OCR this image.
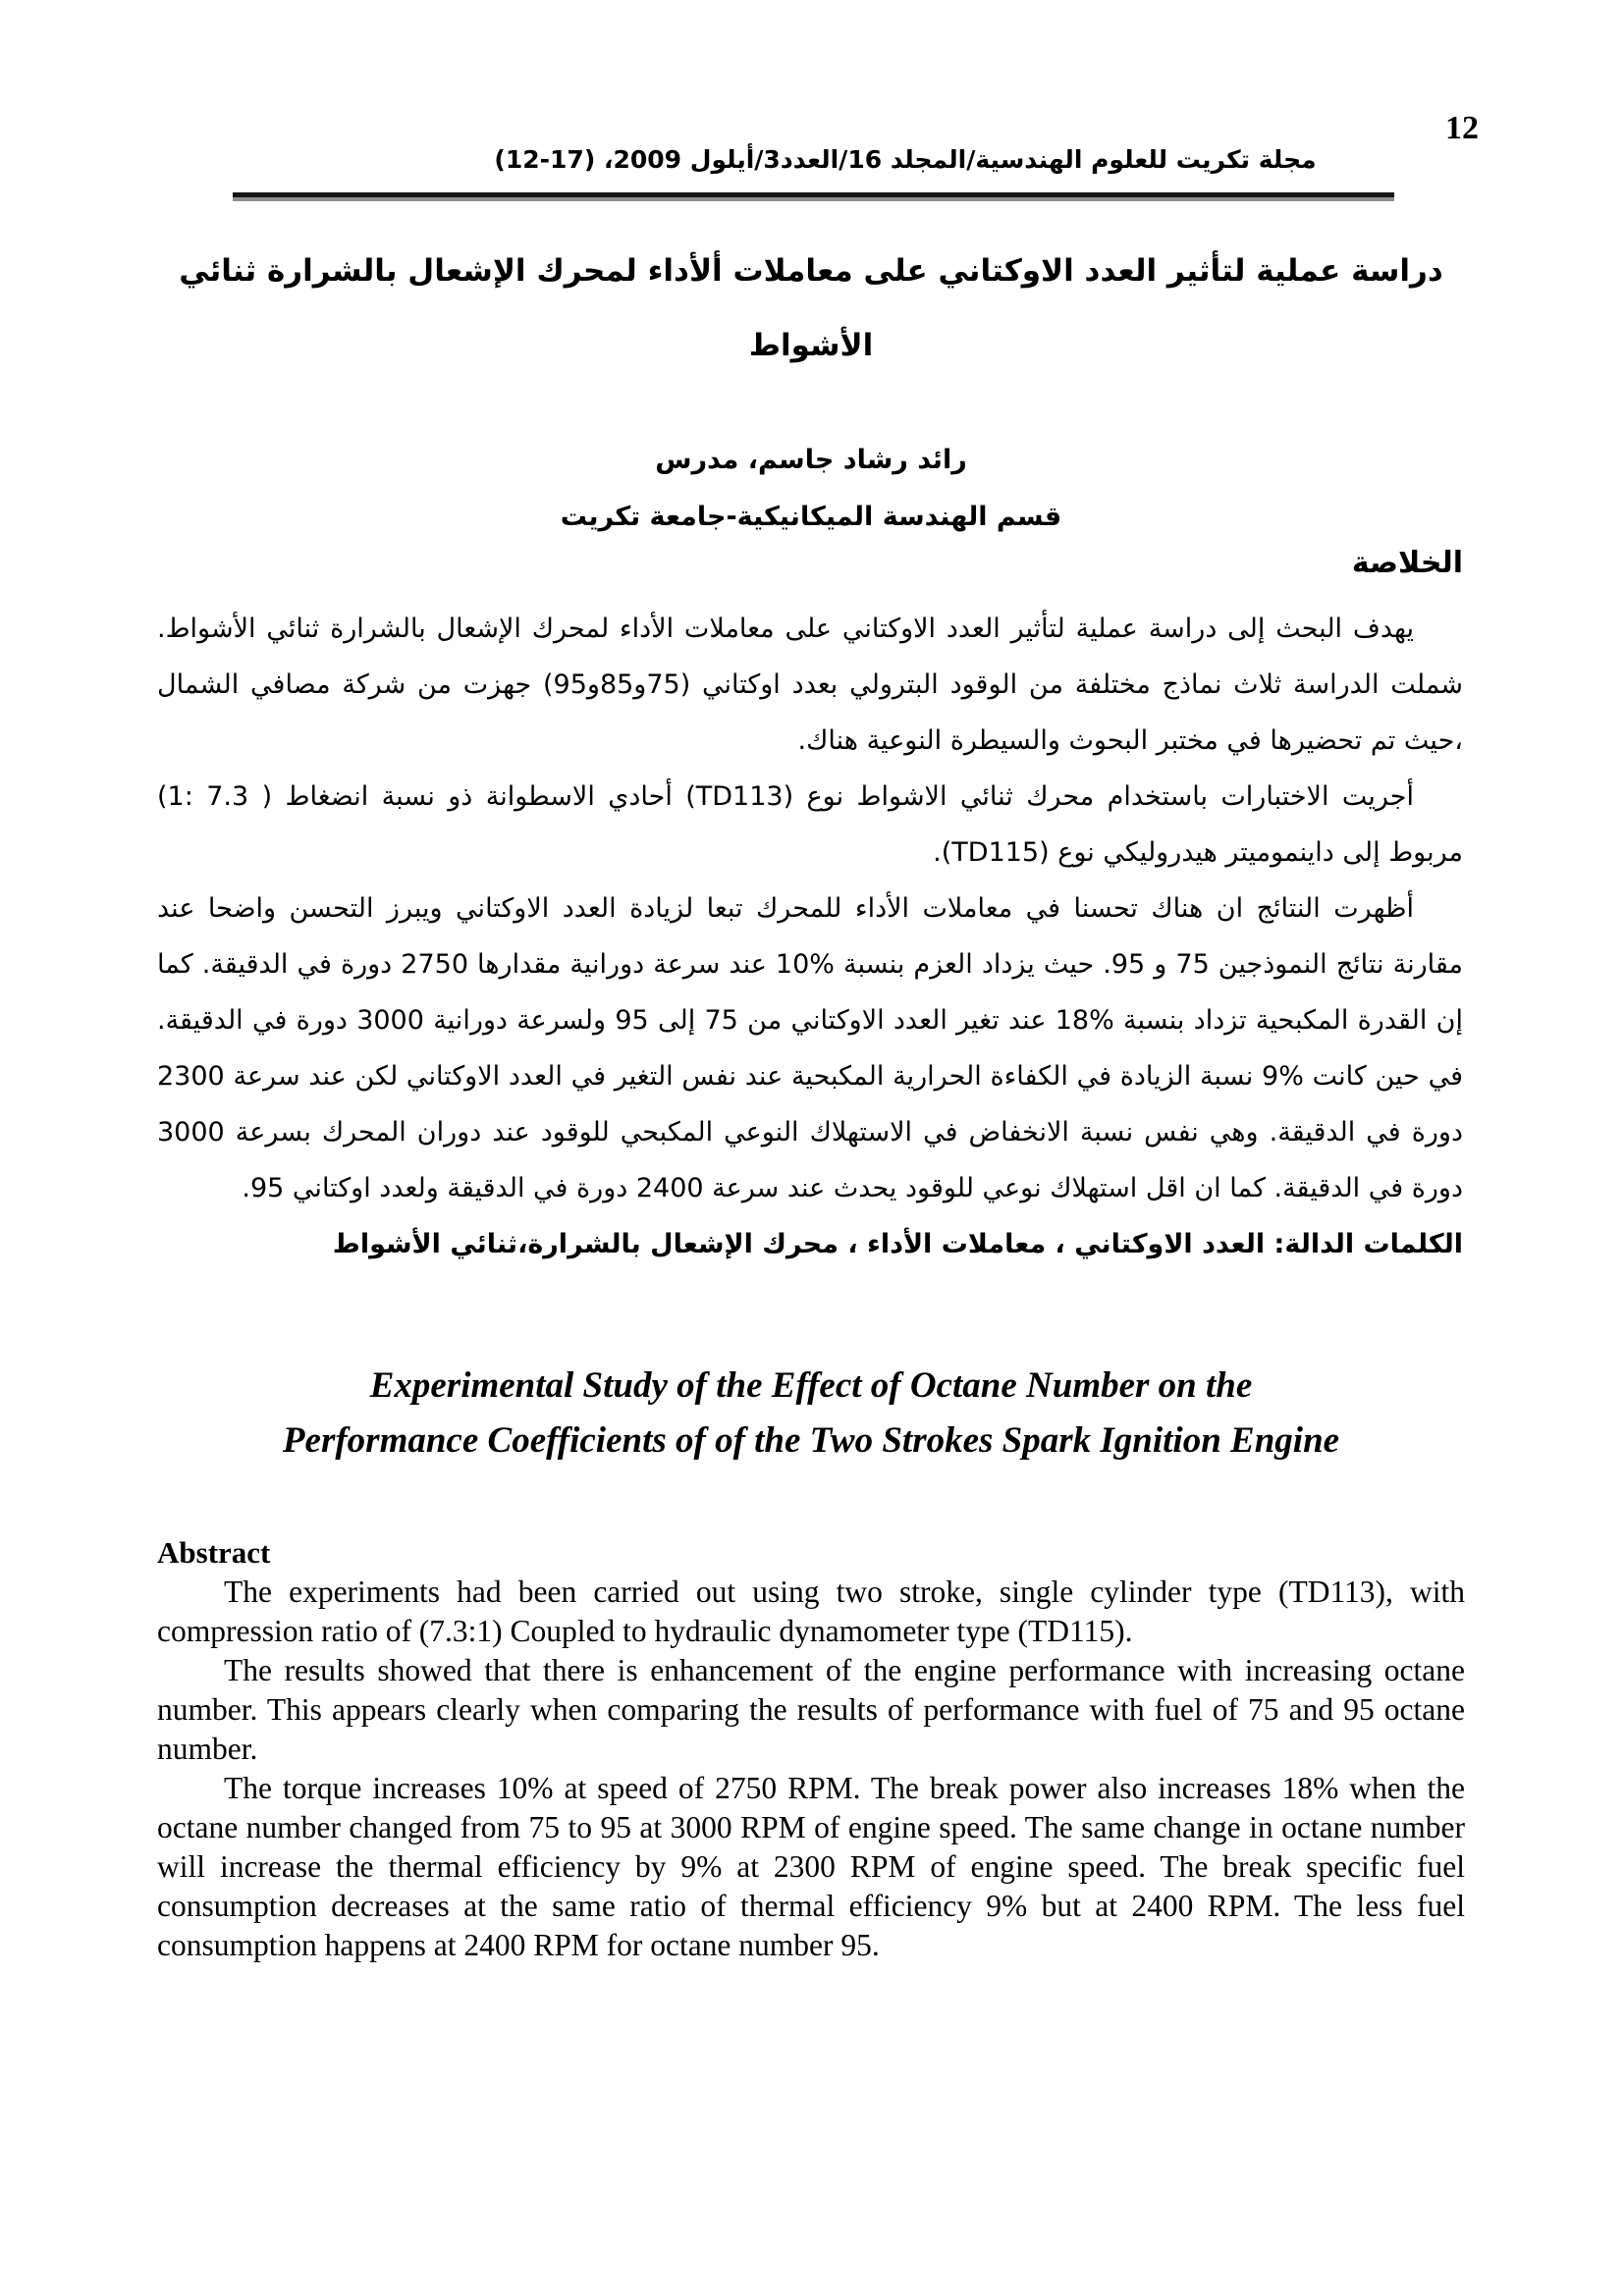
12
مجلة تكريت للعلوم الهندسية/المجلد 16/العدد3/أيلول 2009، (17-12)
دراسة عملية لتأثير العدد الاوكتاني على معاملات ألأداء لمحرك الإشعال بالشرارة ثنائي
الأشواط
رائد رشاد جاسم، مدرس
قسم الهندسة الميكانيكية-جامعة تكريت
الخلاصة

يهدف البحث إلى دراسة عملية لتأثير العدد الاوكتاني على معاملات الأداء لمحرك الإشعال بالشرارة ثنائي الأشواط. شملت الدراسة ثلاث نماذج مختلفة من الوقود البترولي بعدد اوكتاني (75و85و95) جهزت من شركة مصافي الشمال ،حيث تم تحضيرها في مختبر البحوث والسيطرة النوعية هناك.

أجريت الاختبارات باستخدام محرك ثنائي الاشواط نوع (TD113) أحادي الاسطوانة ذو نسبة انضغاط ( 7.3 :1) مربوط إلى داينموميتر هيدروليكي نوع (TD115).

أظهرت النتائج ان هناك تحسنا في معاملات الأداء للمحرك تبعا لزيادة العدد الاوكتاني ويبرز التحسن واضحا عند مقارنة نتائج النموذجين 75 و 95. حيث يزداد العزم بنسبة %10 عند سرعة دورانية مقدارها 2750 دورة في الدقيقة. كما إن القدرة المكبحية تزداد بنسبة %18 عند تغير العدد الاوكتاني من 75 إلى 95 ولسرعة دورانية 3000 دورة في الدقيقة. في حين كانت %9 نسبة الزيادة في الكفاءة الحرارية المكبحية عند نفس التغير في العدد الاوكتاني لكن عند سرعة 2300 دورة في الدقيقة. وهي نفس نسبة الانخفاض في الاستهلاك النوعي المكبحي للوقود عند دوران المحرك بسرعة 3000 دورة في الدقيقة. كما ان اقل استهلاك نوعي للوقود يحدث عند سرعة 2400 دورة في الدقيقة ولعدد اوكتاني 95.

الكلمات الدالة: العدد الاوكتاني ، معاملات الأداء ، محرك الإشعال بالشرارة،ثنائي الأشواط

Experimental Study of the Effect of Octane Number on the
Performance Coefficients of of the Two Strokes Spark Ignition Engine
Abstract

The experiments had been carried out using two stroke, single cylinder type (TD113), with compression ratio of (7.3:1) Coupled to hydraulic dynamometer type (TD115).

The results showed that there is enhancement of the engine performance with increasing octane number. This appears clearly when comparing the results of performance with fuel of 75 and 95 octane number.

The torque increases 10% at speed of 2750 RPM. The break power also increases 18% when the octane number changed from 75 to 95 at 3000 RPM of engine speed. The same change in octane number will increase the thermal efficiency by 9% at 2300 RPM of engine speed. The break specific fuel consumption decreases at the same ratio of thermal efficiency 9% but at 2400 RPM. The less fuel consumption happens at 2400 RPM for octane number 95.
